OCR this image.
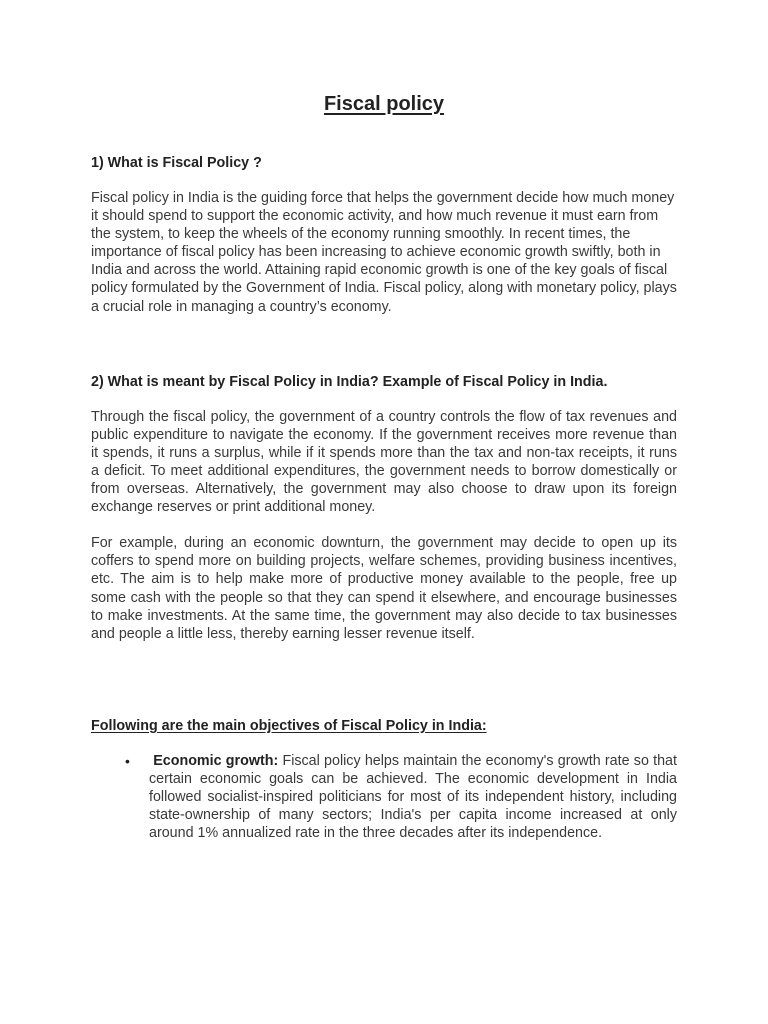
Fiscal policy
1) What is Fiscal Policy ?

Fiscal policy in India is the guiding force that helps the government decide how much money it should spend to support the economic activity, and how much revenue it must earn from the system, to keep the wheels of the economy running smoothly. In recent times, the importance of fiscal policy has been increasing to achieve economic growth swiftly, both in India and across the world. Attaining rapid economic growth is one of the key goals of fiscal policy formulated by the Government of India. Fiscal policy, along with monetary policy, plays a crucial role in managing a country’s economy.

2) What is meant by Fiscal Policy in India? Example of Fiscal Policy in India.

Through the fiscal policy, the government of a country controls the flow of tax revenues and public expenditure to navigate the economy. If the government receives more revenue than it spends, it runs a surplus, while if it spends more than the tax and non-tax receipts, it runs a deficit. To meet additional expenditures, the government needs to borrow domestically or from overseas. Alternatively, the government may also choose to draw upon its foreign exchange reserves or print additional money.

For example, during an economic downturn, the government may decide to open up its coffers to spend more on building projects, welfare schemes, providing business incentives, etc. The aim is to help make more of productive money available to the people, free up some cash with the people so that they can spend it elsewhere, and encourage businesses to make investments. At the same time, the government may also decide to tax businesses and people a little less, thereby earning lesser revenue itself.

Following are the main objectives of Fiscal Policy in India:
• Economic growth: Fiscal policy helps maintain the economy's growth rate so that certain economic goals can be achieved. The economic development in India followed socialist-inspired politicians for most of its independent history, including state-ownership of many sectors; India's per capita income increased at only around 1% annualized rate in the three decades after its independence.
